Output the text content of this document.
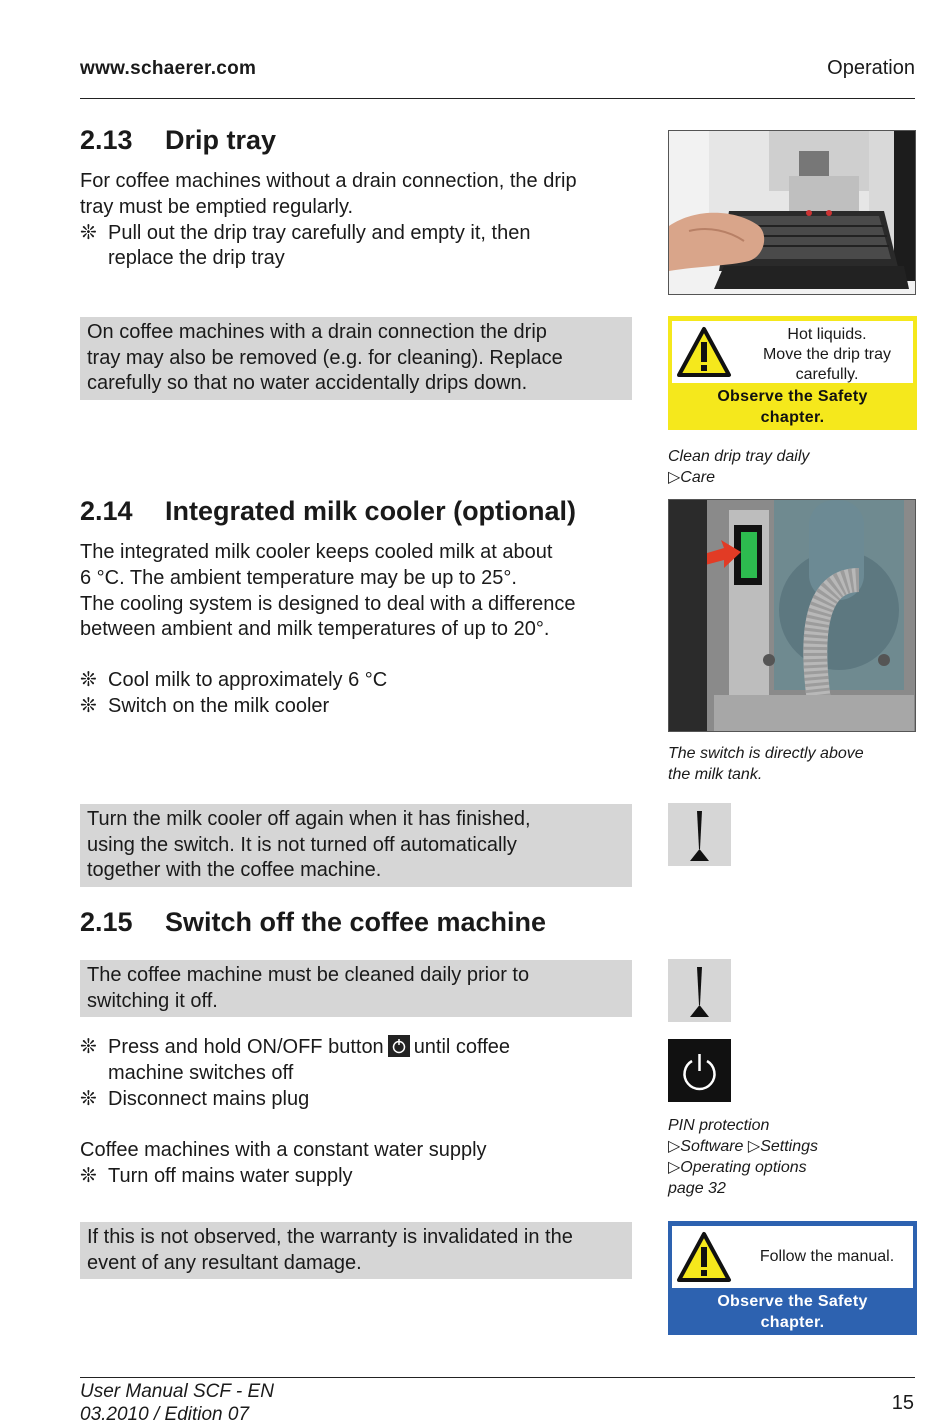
www.schaerer.com	Operation
2.13 Drip tray
For coffee machines without a drain connection, the drip
tray must be emptied regularly.
❊ Pull out the drip tray carefully and empty it, then
replace the drip tray
On coffee machines with a drain connection the drip
tray may also be removed (e.g. for cleaning). Replace
carefully so that no water accidentally drips down.
Hot liquids.
Move the drip tray
carefully.
Observe the Safety
chapter.
Clean drip tray daily
▷Care
2.14 Integrated milk cooler (optional)
The integrated milk cooler keeps cooled milk at about
6 °C. The ambient temperature may be up to 25°.
The cooling system is designed to deal with a difference
between ambient and milk temperatures of up to 20°.
❊ Cool milk to approximately 6 °C
❊ Switch on the milk cooler
The switch is directly above
the milk tank.
Turn the milk cooler off again when it has finished,
using the switch. It is not turned off automatically
together with the coffee machine.
2.15 Switch off the coffee machine
The coffee machine must be cleaned daily prior to
switching it off.
❊ Press and hold ON/OFF button until coffee
machine switches off
❊ Disconnect mains plug
Coffee machines with a constant water supply
❊ Turn off mains water supply
PIN protection
▷Software ▷Settings
▷Operating options
page 32
If this is not observed, the warranty is invalidated in the
event of any resultant damage.	Follow the manual.
Observe the Safety
chapter.
User Manual SCF - EN
03.2010 / Edition 07
15
